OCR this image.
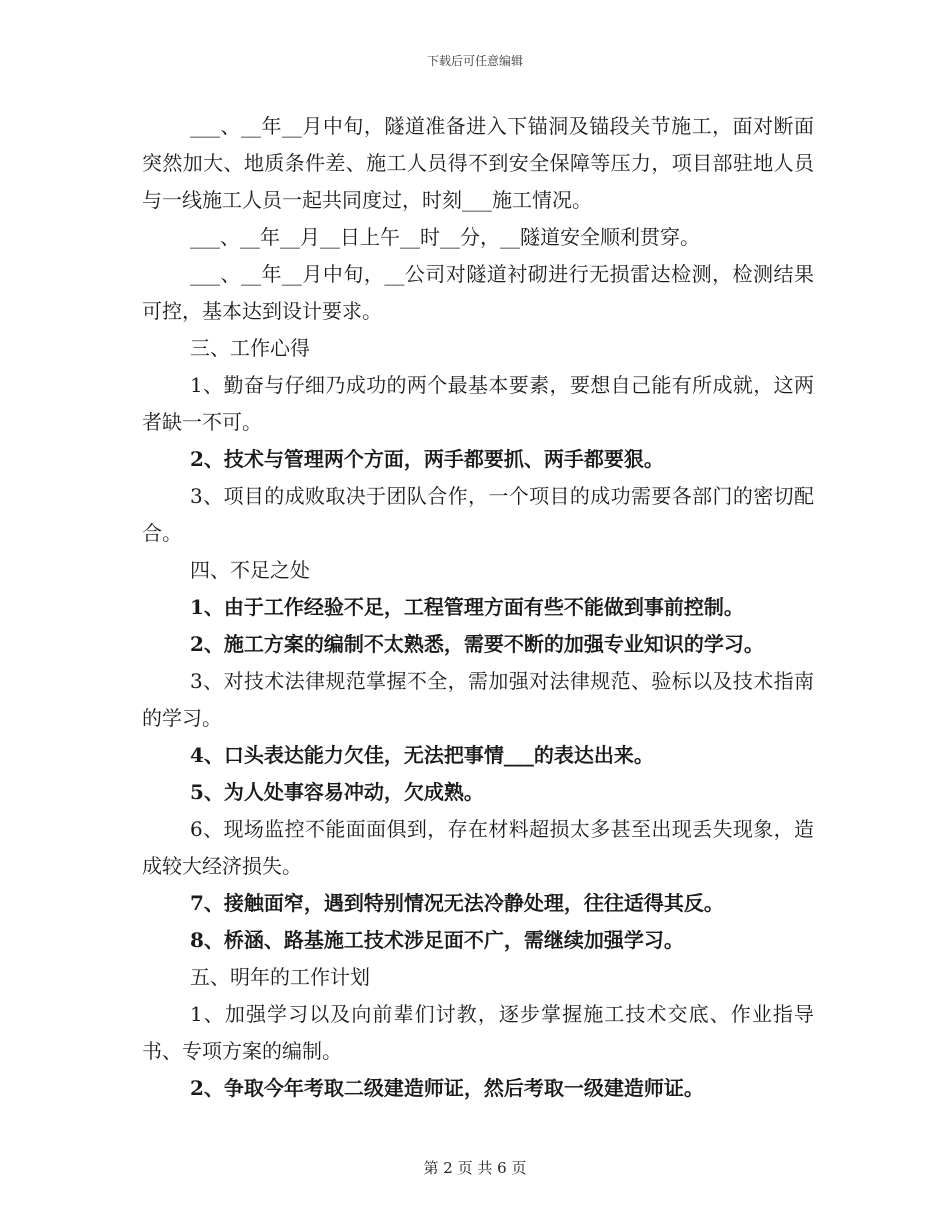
下载后可任意编辑

___、__年__月中旬，隧道准备进入下锚洞及锚段关节施工，面对断面突然加大、地质条件差、施工人员得不到安全保障等压力，项目部驻地人员与一线施工人员一起共同度过，时刻___施工情况。

___、__年__月__日上午__时__分，__隧道安全顺利贯穿。

___、__年__月中旬，__公司对隧道衬砌进行无损雷达检测，检测结果可控，基本达到设计要求。

三、工作心得

1、勤奋与仔细乃成功的两个最基本要素，要想自己能有所成就，这两者缺一不可。

2、技术与管理两个方面，两手都要抓、两手都要狠。

3、项目的成败取决于团队合作，一个项目的成功需要各部门的密切配合。

四、不足之处

1、由于工作经验不足，工程管理方面有些不能做到事前控制。

2、施工方案的编制不太熟悉，需要不断的加强专业知识的学习。

3、对技术法律规范掌握不全，需加强对法律规范、验标以及技术指南的学习。

4、口头表达能力欠佳，无法把事情___的表达出来。

5、为人处事容易冲动，欠成熟。

6、现场监控不能面面俱到，存在材料超损太多甚至出现丢失现象，造成较大经济损失。

7、接触面窄，遇到特别情况无法冷静处理，往往适得其反。

8、桥涵、路基施工技术涉足面不广，需继续加强学习。

五、明年的工作计划

1、加强学习以及向前辈们讨教，逐步掌握施工技术交底、作业指导书、专项方案的编制。

2、争取今年考取二级建造师证，然后考取一级建造师证。

第 2 页 共 6 页
